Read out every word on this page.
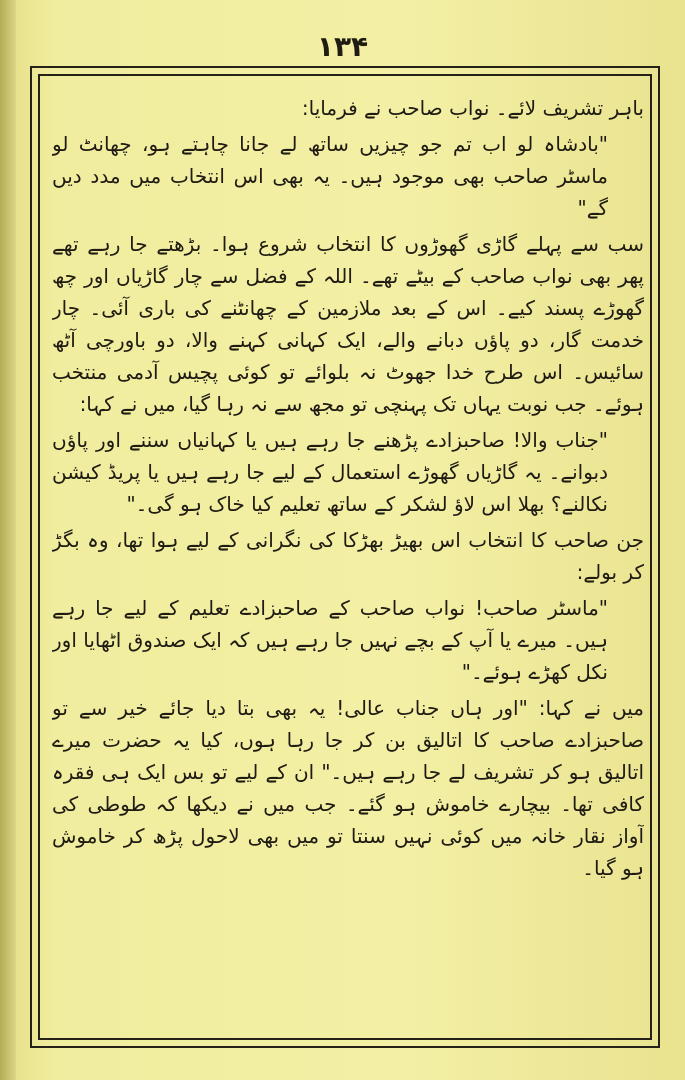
۱۳۴

باہر تشریف لائے۔ نواب صاحب نے فرمایا:

"بادشاہ لو اب تم جو چیزیں ساتھ لے جانا چاہتے ہو، چھانٹ لو ماسٹر صاحب بھی موجود ہیں۔ یہ بھی اس انتخاب میں مدد دیں گے"

سب سے پہلے گاڑی گھوڑوں کا انتخاب شروع ہوا۔ بڑھتے جا رہے تھے پھر بھی نواب صاحب کے بیٹے تھے۔ اللہ کے فضل سے چار گاڑیاں اور چھ گھوڑے پسند کیے۔ اس کے بعد ملازمین کے چھانٹنے کی باری آئی۔ چار خدمت گار، دو پاؤں دبانے والے، ایک کہانی کہنے والا، دو باورچی آٹھ سائیس۔ اس طرح خدا جھوٹ نہ بلوائے تو کوئی پچیس آدمی منتخب ہوئے۔ جب نوبت یہاں تک پہنچی تو مجھ سے نہ رہا گیا، میں نے کہا:

"جناب والا! صاحبزادے پڑھنے جا رہے ہیں یا کہانیاں سننے اور پاؤں دبوانے۔ یہ گاڑیاں گھوڑے استعمال کے لیے جا رہے ہیں یا پریڈ کیشن نکالنے؟ بھلا اس لاؤ لشکر کے ساتھ تعلیم کیا خاک ہو گی۔"

جن صاحب کا انتخاب اس بھیڑ بھڑکا کی نگرانی کے لیے ہوا تھا، وہ بگڑ کر بولے:

"ماسٹر صاحب! نواب صاحب کے صاحبزادے تعلیم کے لیے جا رہے ہیں۔ میرے یا آپ کے بچے نہیں جا رہے ہیں کہ ایک صندوق اٹھایا اور نکل کھڑے ہوئے۔"

میں نے کہا: "اور ہاں جناب عالی! یہ بھی بتا دیا جائے خیر سے تو صاحبزادے صاحب کا اتالیق بن کر جا رہا ہوں، کیا یہ حضرت میرے اتالیق ہو کر تشریف لے جا رہے ہیں۔" ان کے لیے تو بس ایک ہی فقرہ کافی تھا۔ بیچارے خاموش ہو گئے۔ جب میں نے دیکھا کہ طوطی کی آواز نقار خانہ میں کوئی نہیں سنتا تو میں بھی لاحول پڑھ کر خاموش ہو گیا۔
